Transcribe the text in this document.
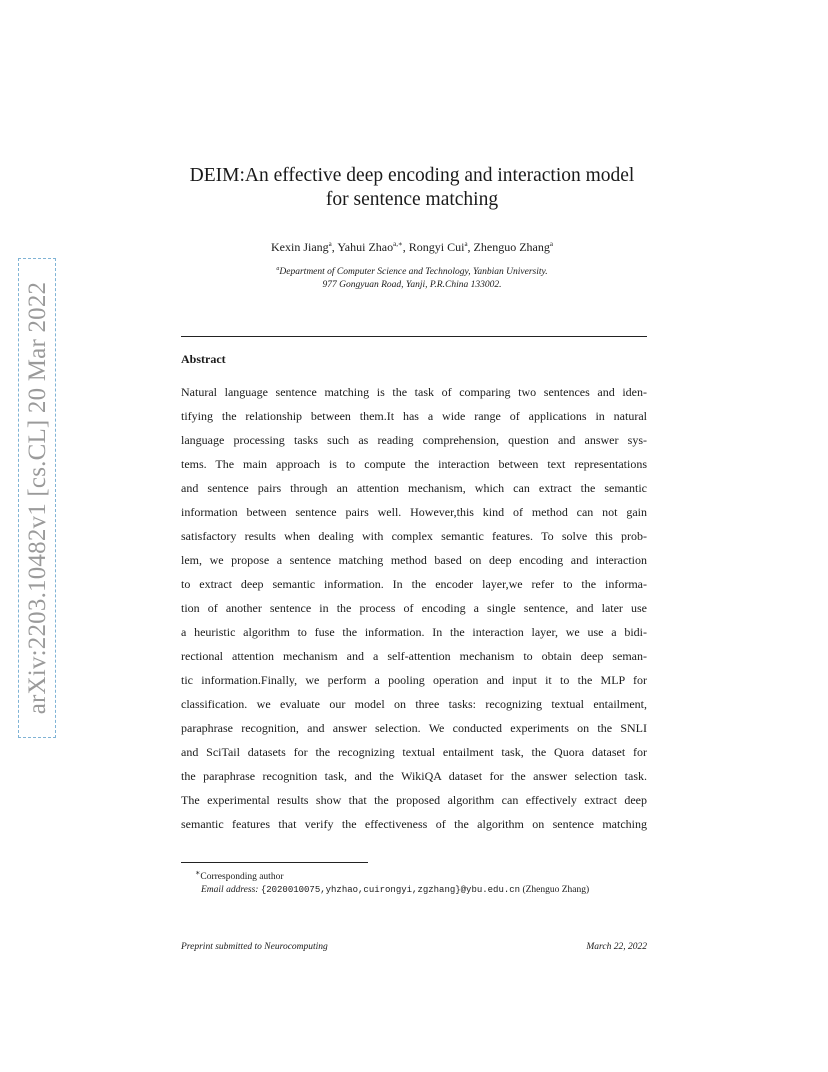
arXiv:2203.10482v1 [cs.CL] 20 Mar 2022
DEIM:An effective deep encoding and interaction model
for sentence matching
Kexin Jiang$^a$, Yahui Zhao$^{a,∗}$, Rongyi Cui$^a$, Zhenguo Zhang$^a$
$^a$Department of Computer Science and Technology, Yanbian University.
977 Gongyuan Road, Yanji, P.R.China 133002.
Abstract
Natural language sentence matching is the task of comparing two sentences and iden-
tifying the relationship between them.It has a wide range of applications in natural
language processing tasks such as reading comprehension, question and answer sys-
tems. The main approach is to compute the interaction between text representations
and sentence pairs through an attention mechanism, which can extract the semantic
information between sentence pairs well. However,this kind of method can not gain
satisfactory results when dealing with complex semantic features. To solve this prob-
lem, we propose a sentence matching method based on deep encoding and interaction
to extract deep semantic information. In the encoder layer,we refer to the informa-
tion of another sentence in the process of encoding a single sentence, and later use
a heuristic algorithm to fuse the information. In the interaction layer, we use a bidi-
rectional attention mechanism and a self-attention mechanism to obtain deep seman-
tic information.Finally, we perform a pooling operation and input it to the MLP for
classification. we evaluate our model on three tasks: recognizing textual entailment,
paraphrase recognition, and answer selection. We conducted experiments on the SNLI
and SciTail datasets for the recognizing textual entailment task, the Quora dataset for
the paraphrase recognition task, and the WikiQA dataset for the answer selection task.
The experimental results show that the proposed algorithm can effectively extract deep
semantic features that verify the effectiveness of the algorithm on sentence matching
∗Corresponding author
Email address: {2020010075,yhzhao,cuirongyi,zgzhang}@ybu.edu.cn (Zhenguo Zhang)
Preprint submitted to Neurocomputing	March 22, 2022
